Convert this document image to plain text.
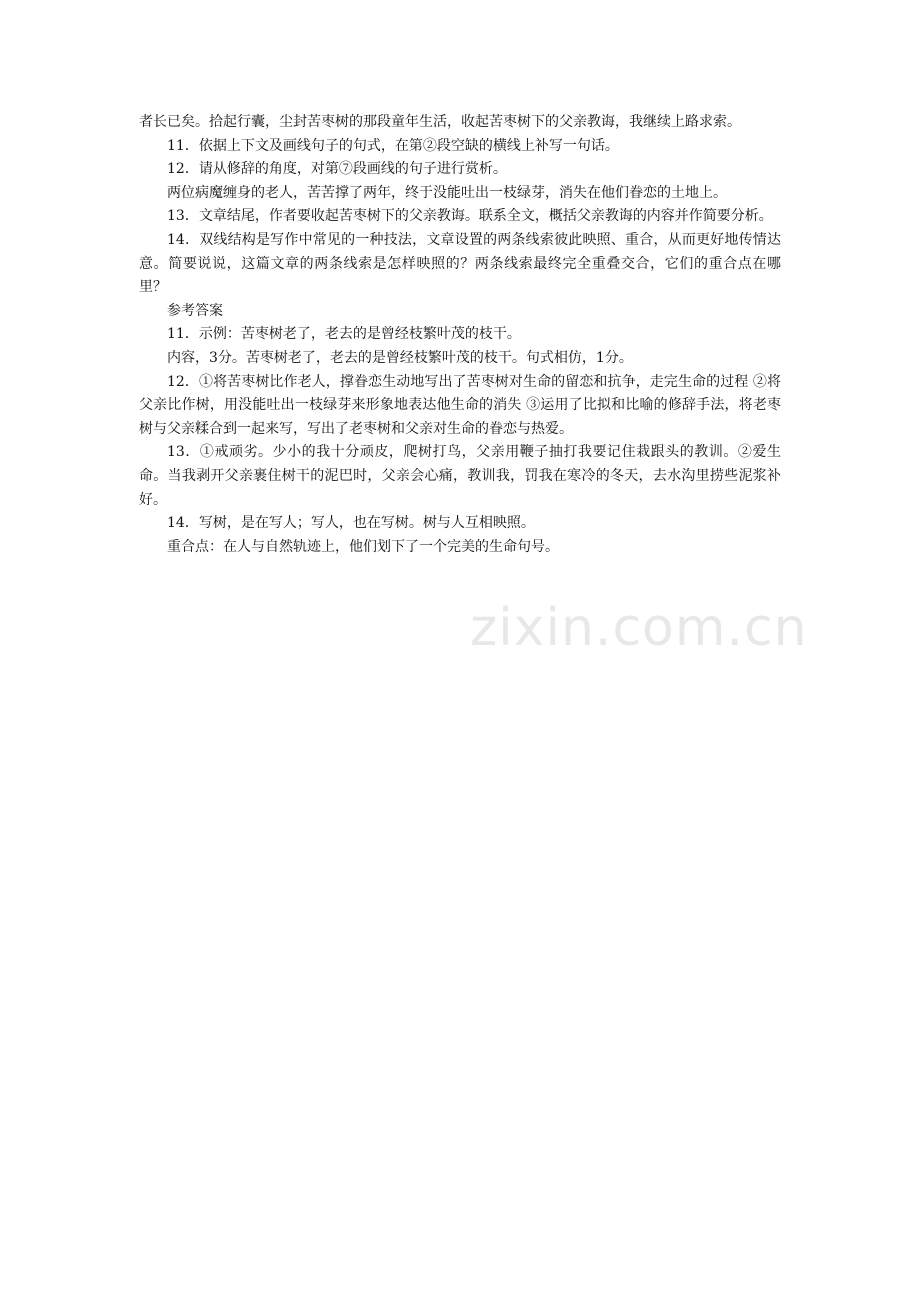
者长已矣。拾起行囊，尘封苦枣树的那段童年生活，收起苦枣树下的父亲教诲，我继续上路求索。

11．依据上下文及画线句子的句式，在第②段空缺的横线上补写一句话。

12．请从修辞的角度，对第⑦段画线的句子进行赏析。

两位病魔缠身的老人，苦苦撑了两年，终于没能吐出一枝绿芽，消失在他们眷恋的土地上。

13．文章结尾，作者要收起苦枣树下的父亲教诲。联系全文，概括父亲教诲的内容并作简要分析。

14．双线结构是写作中常见的一种技法，文章设置的两条线索彼此映照、重合，从而更好地传情达意。简要说说，这篇文章的两条线索是怎样映照的？两条线索最终完全重叠交合，它们的重合点在哪里？

参考答案

11．示例：苦枣树老了，老去的是曾经枝繁叶茂的枝干。

内容，3分。苦枣树老了，老去的是曾经枝繁叶茂的枝干。句式相仿，1分。

12．①将苦枣树比作老人，撑眷恋生动地写出了苦枣树对生命的留恋和抗争，走完生命的过程 ②将父亲比作树，用没能吐出一枝绿芽来形象地表达他生命的消失 ③运用了比拟和比喻的修辞手法，将老枣树与父亲糅合到一起来写，写出了老枣树和父亲对生命的眷恋与热爱。

13．①戒顽劣。少小的我十分顽皮，爬树打鸟，父亲用鞭子抽打我要记住栽跟头的教训。②爱生命。当我剥开父亲裹住树干的泥巴时，父亲会心痛，教训我，罚我在寒冷的冬天，去水沟里捞些泥浆补好。

14．写树，是在写人；写人，也在写树。树与人互相映照。

重合点：在人与自然轨迹上，他们划下了一个完美的生命句号。

zixin.com.cn
